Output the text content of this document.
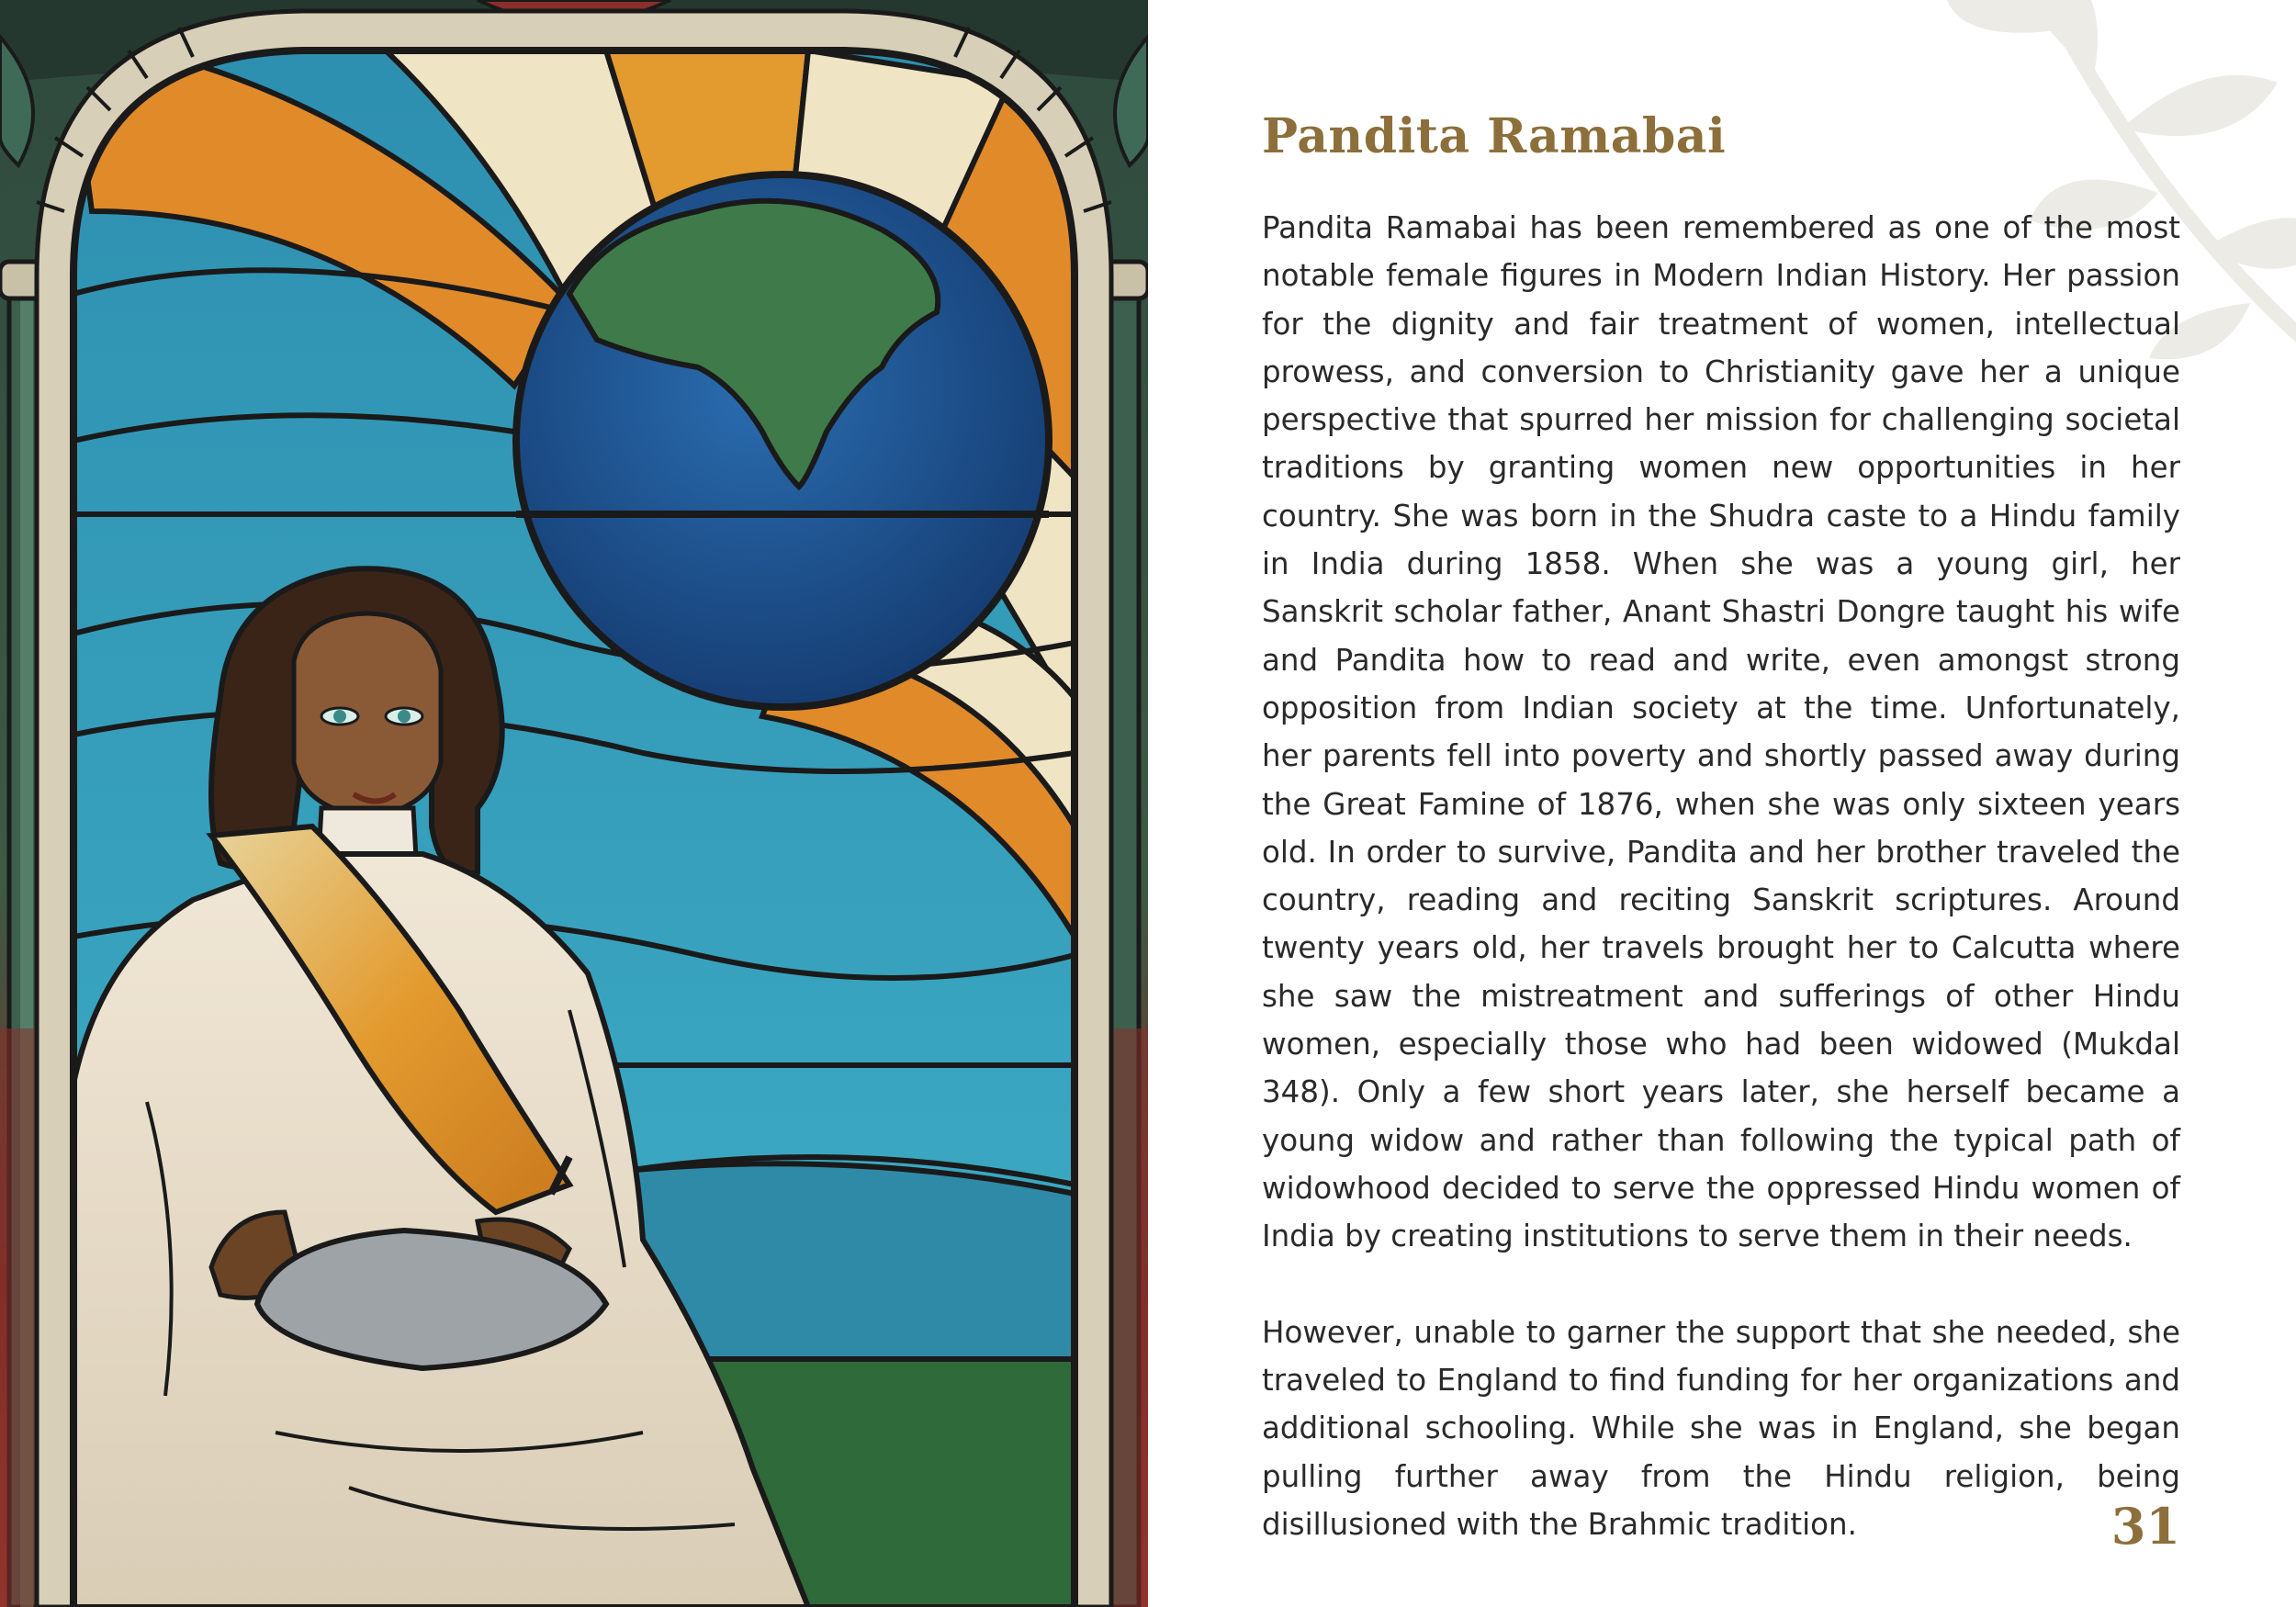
Pandita Ramabai

Pandita Ramabai has been remembered as one of the most notable female figures in Modern Indian History. Her passion for the dignity and fair treatment of women, intellectual prowess, and conversion to Christianity gave her a unique perspective that spurred her mission for challenging societal traditions by granting women new opportunities in her country. She was born in the Shudra caste to a Hindu family in India during 1858. When she was a young girl, her Sanskrit scholar father, Anant Shastri Dongre taught his wife and Pandita how to read and write, even amongst strong opposition from Indian society at the time. Unfortunately, her parents fell into poverty and shortly passed away during the Great Famine of 1876, when she was only sixteen years old. In order to survive, Pandita and her brother traveled the country, reading and reciting Sanskrit scriptures. Around twenty years old, her travels brought her to Calcutta where she saw the mistreatment and sufferings of other Hindu women, especially those who had been widowed (Mukdal 348). Only a few short years later, she herself became a young widow and rather than following the typical path of widowhood decided to serve the oppressed Hindu women of India by creating institutions to serve them in their needs.

However, unable to garner the support that she needed, she traveled to England to find funding for her organizations and additional schooling. While she was in England, she began pulling further away from the Hindu religion, being disillusioned with the Brahmic tradition.	31
